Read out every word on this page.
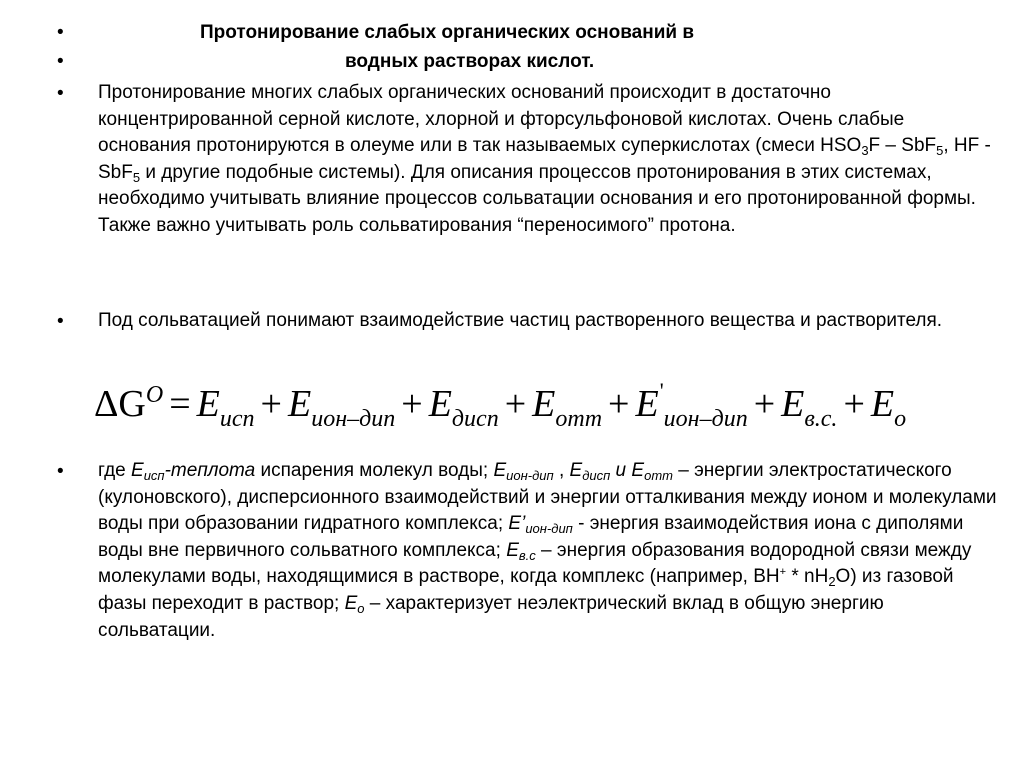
•	Протонирование слабых органических оснований в
•	водных растворах кислот.
• Протонирование многих слабых органических оснований происходит в достаточно концентрированной серной кислоте, хлорной и фторсульфоновой кислотах. Очень слабые основания протонируются в олеуме или в так называемых суперкислотах (смеси $HSO_3F - SbF_5$, HF - SbF$_5$ и другие подобные системы). Для описания процессов протонирования в этих системах, необходимо учитывать влияние процессов сольватации основания и его протонированной формы. Также важно учитывать роль сольватирования “переносимого” протона.
• Под сольватацией понимают взаимодействие частиц растворенного вещества и растворителя.
$\Delta G^O = E_{исп} + E_{ион-дип} + E_{дисп} + E_{отт} + E'_{ион-дип} + E_{в.с.} + E_о$
• где $E_{исп}$-теплота испарения молекул воды; $E_{ион-дип}$ , $E_{дисп}$ и $E_{отт}$ – энергии электростатического (кулоновского), дисперсионного взаимодействий и энергии отталкивания между ионом и молекулами воды при образовании гидратного комплекса; $E’_{ион-дип}$ - энергия взаимодействия иона с диполями воды вне первичного сольватного комплекса; $E_{в.с}$ – энергия образования водородной связи между молекулами воды, находящимися в растворе, когда комплекс (например, $BH^+ * nH_2O$) из газовой фазы переходит в раствор; $E_о$ – характеризует неэлектрический вклад в общую энергию сольватации.
